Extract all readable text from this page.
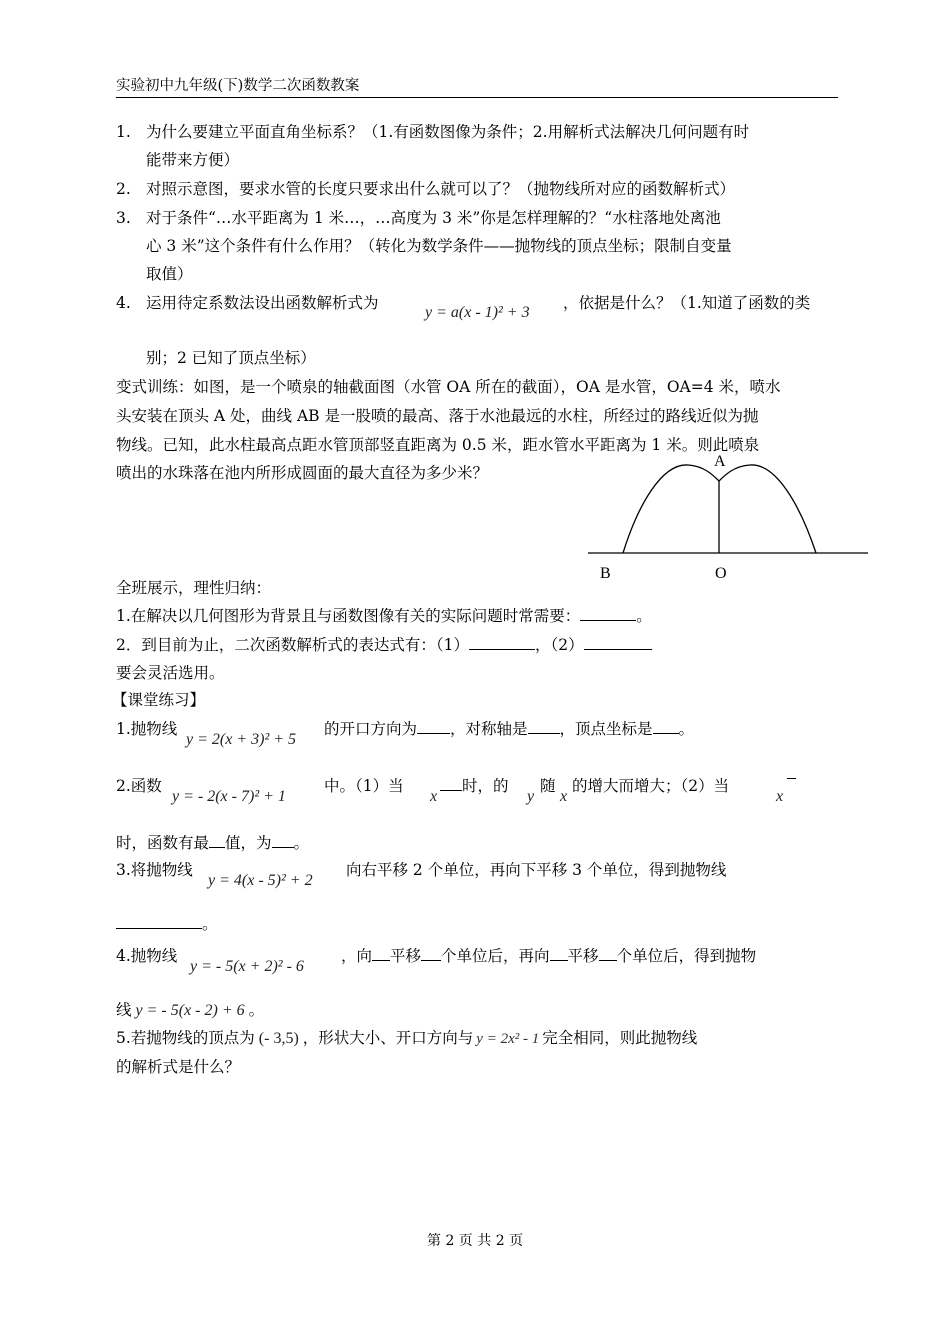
实验初中九年级(下)数学二次函数教案
1. 为什么要建立平面直角坐标系？（1.有函数图像为条件；2.用解析式法解决几何问题有时
能带来方便）
2. 对照示意图，要求水管的长度只要求出什么就可以了？（抛物线所对应的函数解析式）
3. 对于条件“…水平距离为 1 米…，…高度为 3 米”你是怎样理解的？“水柱落地处离池
心 3 米”这个条件有什么作用？（转化为数学条件——抛物线的顶点坐标；限制自变量
取值）
4. 运用待定系数法设出函数解析式为
y = a(x - 1)² + 3
，依据是什么？（1.知道了函数的类
别；2 已知了顶点坐标）
变式训练：如图，是一个喷泉的轴截面图（水管 OA 所在的截面），OA 是水管，OA=4 米，喷水
头安装在顶头 A 处，曲线 AB 是一股喷的最高、落于水池最远的水柱，所经过的路线近似为抛
物线。已知，此水柱最高点距水管顶部竖直距离为 0.5 米，距水管水平距离为 1 米。则此喷泉
喷出的水珠落在池内所形成圆面的最大直径为多少米？
A
B	O
全班展示，理性归纳：
1.在解决以几何图形为背景且与函数图像有关的实际问题时常需要：	。
2．到目前为止，二次函数解析式的表达式有：（1）	，（2）
要会灵活选用。
【课堂练习】
1.抛物线
y = 2(x + 3)² + 5
的开口方向为 ，对称轴是 ，顶点坐标是 。
2.函数
y = - 2(x - 7)² + 1
中。（1）当
x
时，的
y
随
x
的增大而增大；（2）当
x
时，函数有最 值，为 。
3.将抛物线
y = 4(x - 5)² + 2
向右平移 2 个单位，再向下平移 3 个单位，得到抛物线
。
4.抛物线
y = - 5(x + 2)² - 6
，向 平移 个单位后，再向 平移 个单位后，得到抛物
线 y = - 5(x - 2) + 6 。
5.若抛物线的顶点为 (- 3,5) ，形状大小、开口方向与 y = 2x² - 1 完全相同，则此抛物线
的解析式是什么？
第 2 页 共 2 页
